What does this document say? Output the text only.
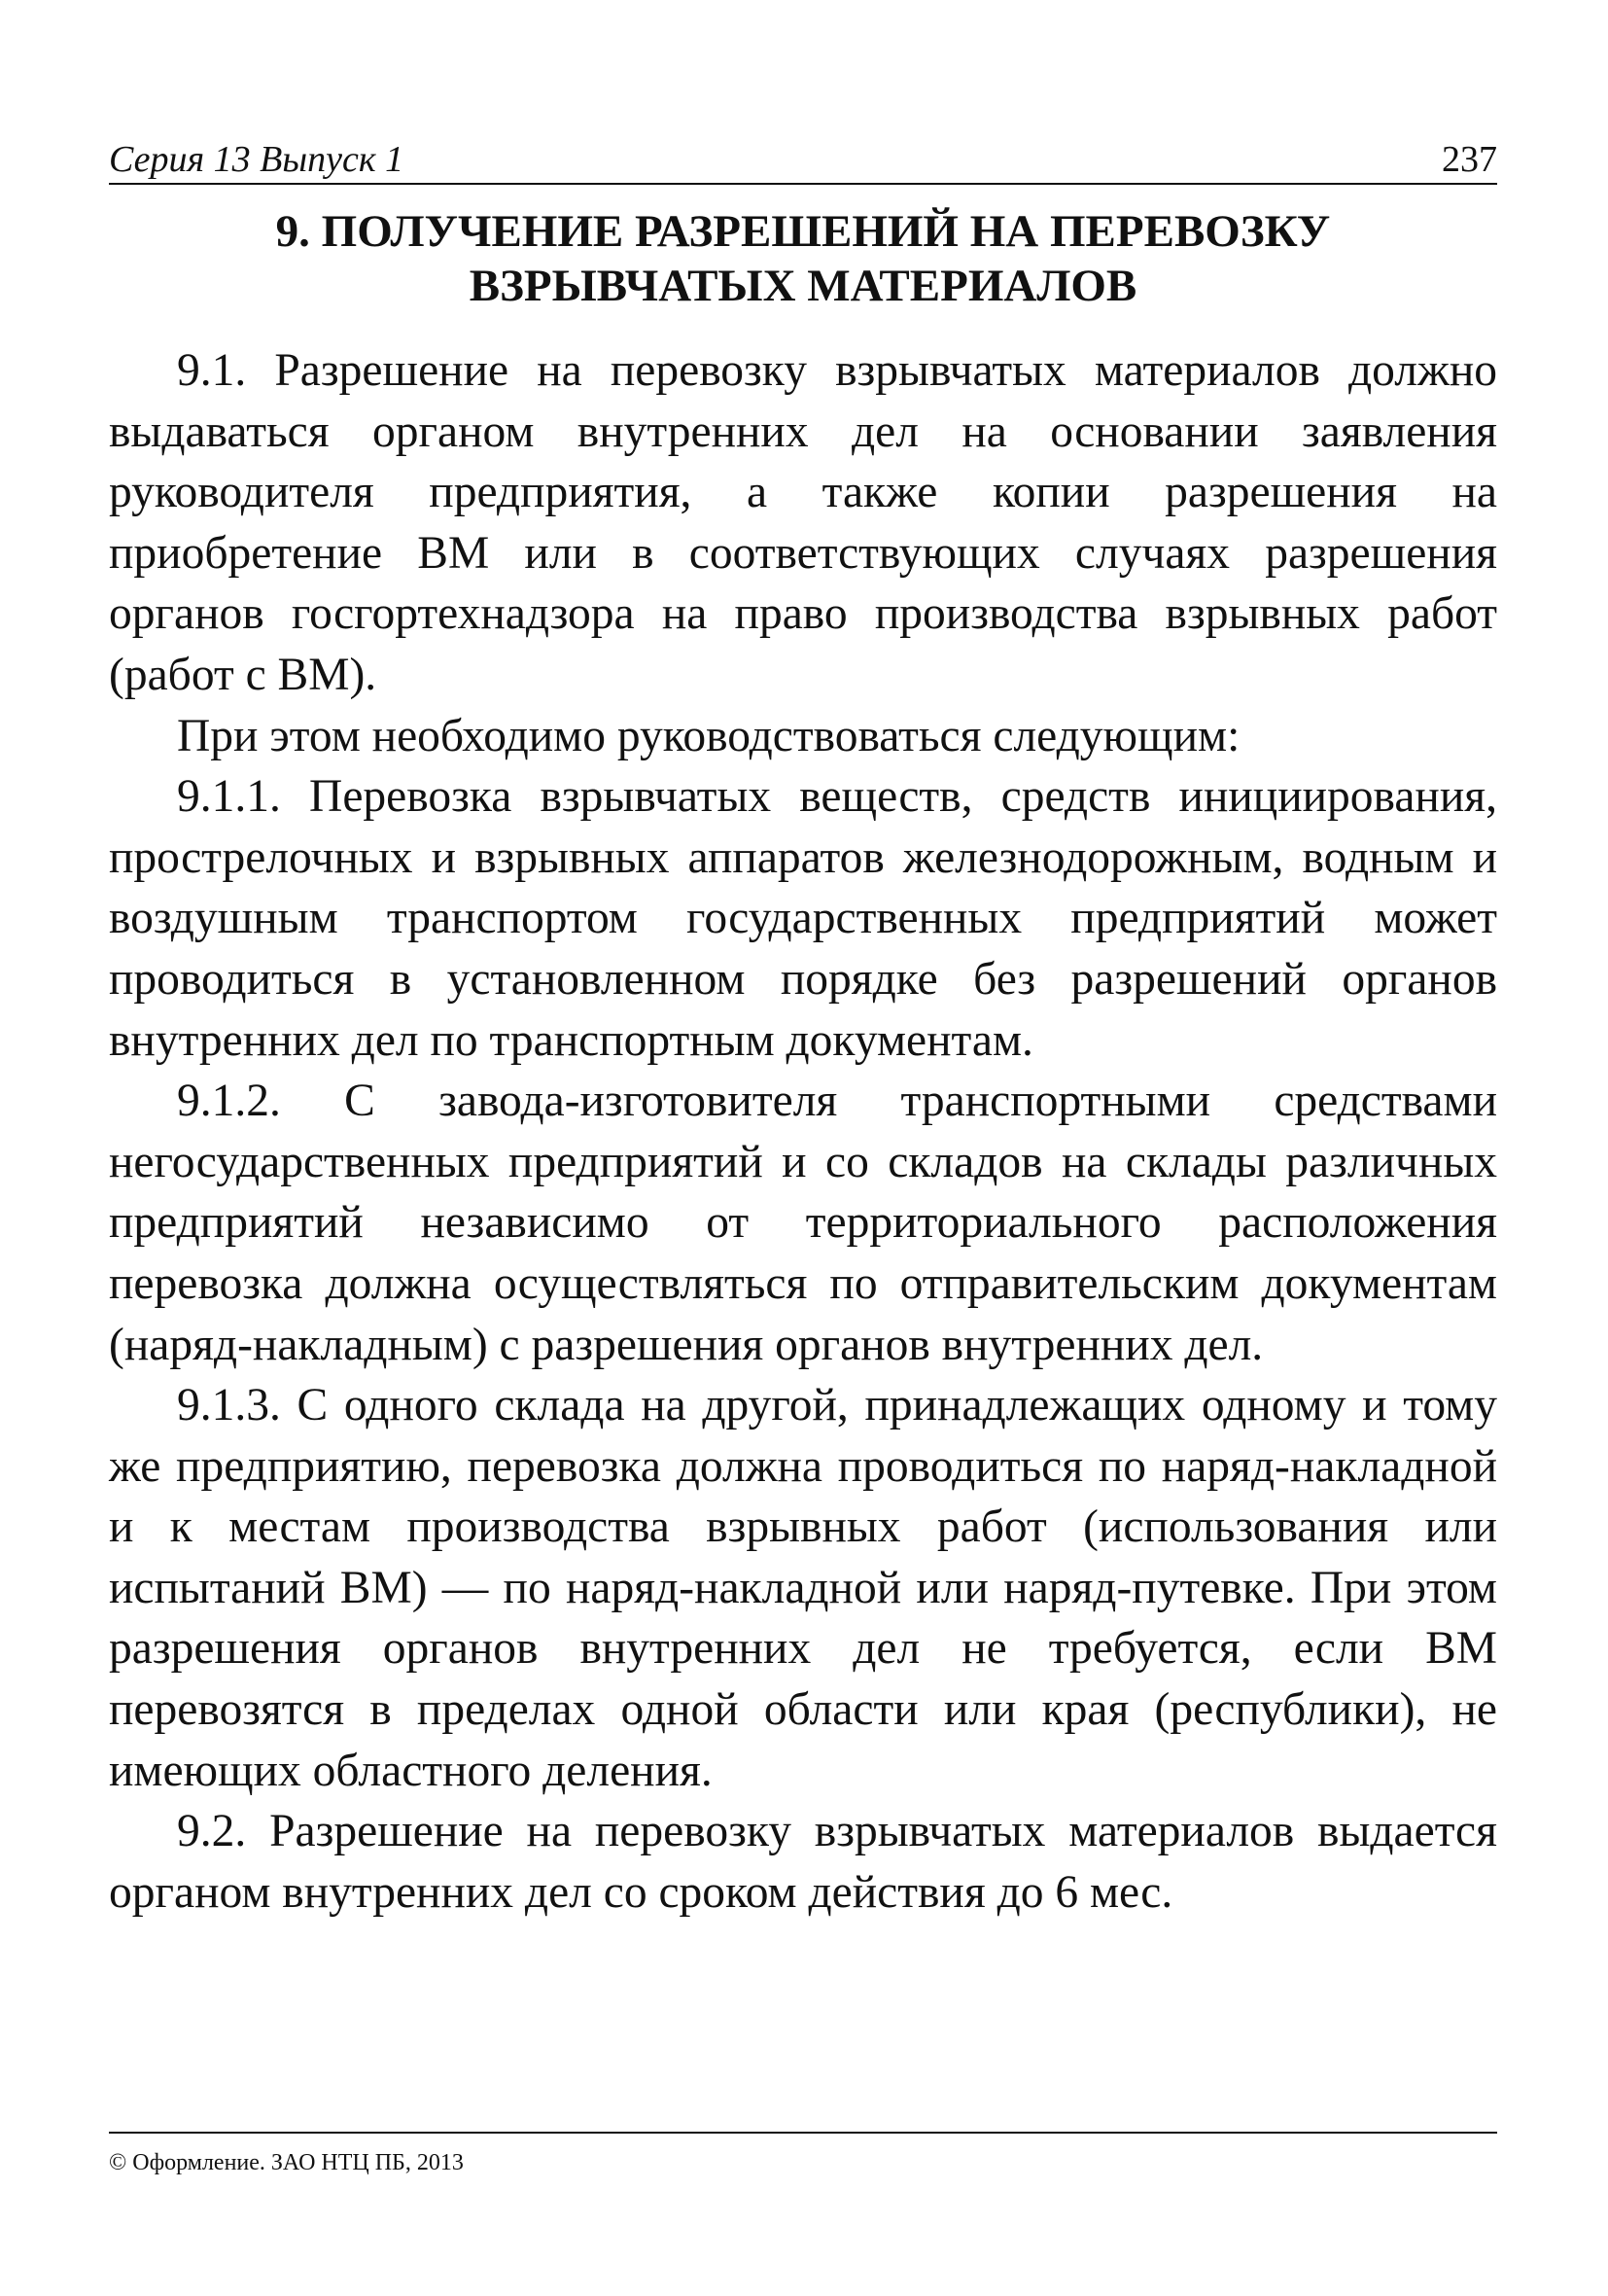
Серия 13 Выпуск 1	237
9. ПОЛУЧЕНИЕ РАЗРЕШЕНИЙ НА ПЕРЕВОЗКУ
ВЗРЫВЧАТЫХ МАТЕРИАЛОВ

9.1. Разрешение на перевозку взрывчатых материалов должно выдаваться органом внутренних дел на основании заявления руководителя предприятия, а также копии разрешения на приобретение ВМ или в соответствующих случаях разрешения органов госгортехнадзора на право производства взрывных работ (работ с ВМ).

При этом необходимо руководствоваться следующим:

9.1.1. Перевозка взрывчатых веществ, средств инициирования, прострелочных и взрывных аппаратов железнодорожным, водным и воздушным транспортом государственных предприятий может проводиться в установленном порядке без разрешений органов внутренних дел по транспортным документам.

9.1.2. С завода-изготовителя транспортными средствами негосударственных предприятий и со складов на склады различных предприятий независимо от территориального расположения перевозка должна осуществляться по отправительским документам (наряд-накладным) с разрешения органов внутренних дел.

9.1.3. С одного склада на другой, принадлежащих одному и тому же предприятию, перевозка должна проводиться по наряд-накладной и к местам производства взрывных работ (использования или испытаний ВМ) — по наряд-накладной или наряд-путевке. При этом разрешения органов внутренних дел не требуется, если ВМ перевозятся в пределах одной области или края (республики), не имеющих областного деления.

9.2. Разрешение на перевозку взрывчатых материалов выдается органом внутренних дел со сроком действия до 6 мес.

© Оформление. ЗАО НТЦ ПБ, 2013
